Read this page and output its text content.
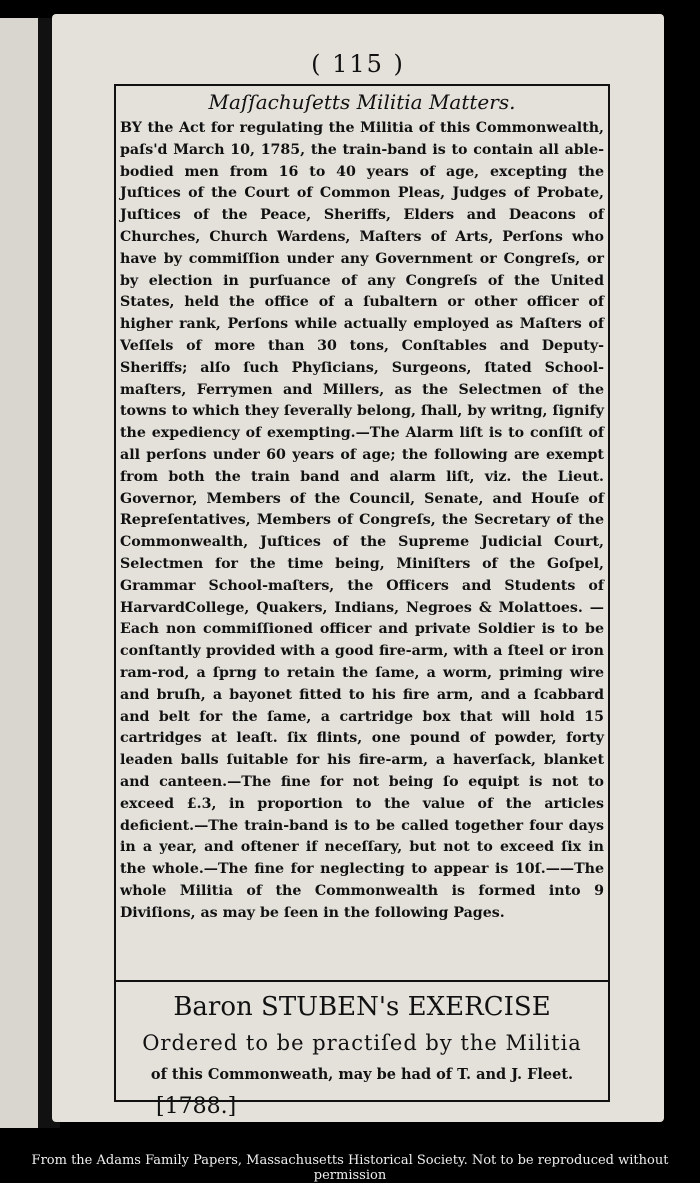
( 115 )
Maſſachuſetts Militia Matters.
BY the Act for regulating the Militia of this Commonwealth, paſs'd March 10, 1785, the train-band is to contain all able-bodied men from 16 to 40 years of age, excepting the Juſtices of the Court of Common Pleas, Judges of Probate, Juſtices of the Peace, Sheriffs, Elders and Deacons of Churches, Church Wardens, Maſters of Arts, Perſons who have by commiſſion under any Government or Congreſs, or by election in purſuance of any Congreſs of the United States, held the office of a ſubaltern or other officer of higher rank, Perſons while actually employed as Maſters of Veſſels of more than 30 tons, Conſtables and Deputy-Sheriffs; alſo ſuch Phyſicians, Surgeons, ſtated School-maſters, Ferrymen and Millers, as the Selectmen of the towns to which they ſeverally belong, ſhall, by writng, ſignify the expediency of exempting.—The Alarm liſt is to conſiſt of all perſons under 60 years of age; the following are exempt from both the train band and alarm liſt, viz. the Lieut. Governor, Members of the Council, Senate, and Houſe of Repreſentatives, Members of Congreſs, the Secretary of the Commonwealth, Juſtices of the Supreme Judicial Court, Selectmen for the time being, Miniſters of the Goſpel, Grammar School-maſters, the Officers and Students of HarvardCollege, Quakers, Indians, Negroes & Molattoes. —Each non commiſſioned officer and private Soldier is to be conſtantly provided with a good fire-arm, with a ſteel or iron ram-rod, a ſprng to retain the ſame, a worm, priming wire and bruſh, a bayonet fitted to his fire arm, and a ſcabbard and belt for the ſame, a cartridge box that will hold 15 cartridges at leaſt. ſix flints, one pound of powder, forty leaden balls ſuitable for his fire-arm, a haverſack, blanket and canteen.—The fine for not being ſo equipt is not to exceed £.3, in proportion to the value of the articles deficient.—The train-band is to be called together four days in a year, and oftener if neceſſary, but not to exceed ſix in the whole.—The fine for neglecting to appear is 10ſ.——The whole Militia of the Commonwealth is formed into 9 Diviſions, as may be ſeen in the following Pages.
Baron STUBEN's EXERCISE
Ordered to be practiſed by the Militia
of this Commonweath, may be had of T. and J. Fleet.
[1788.]
From the Adams Family Papers, Massachusetts Historical Society. Not to be reproduced without permission
